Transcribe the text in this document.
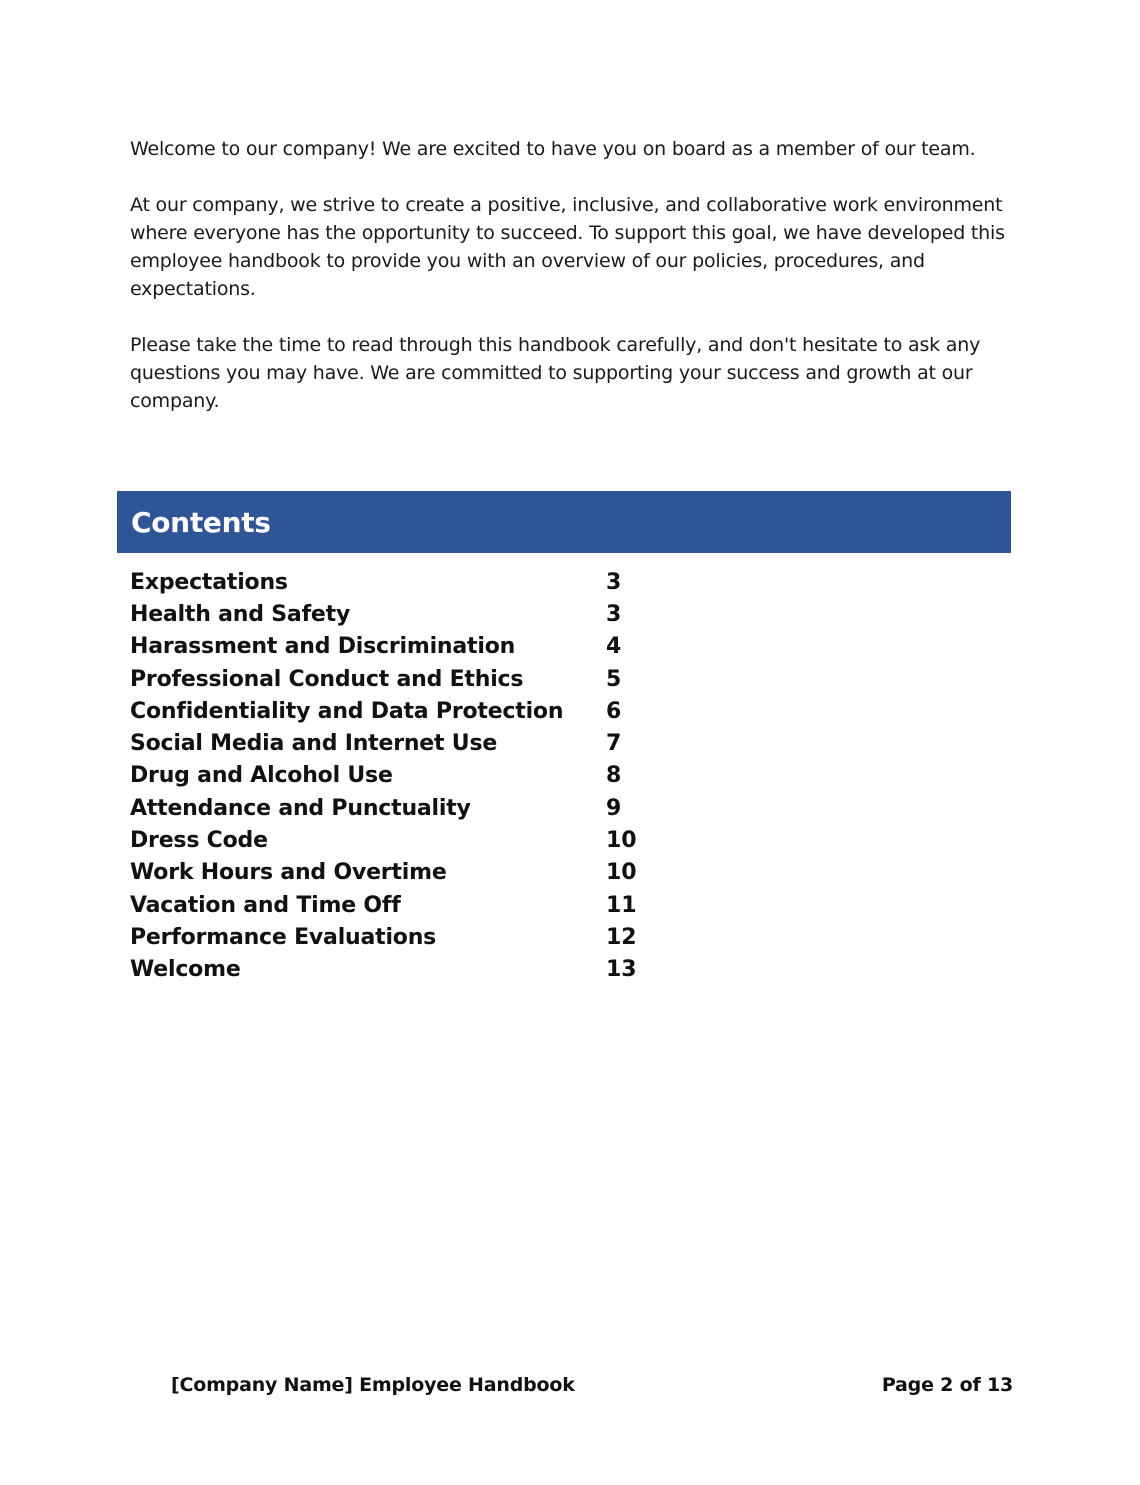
Welcome to our company! We are excited to have you on board as a member of our team.

At our company, we strive to create a positive, inclusive, and collaborative work environment where everyone has the opportunity to succeed. To support this goal, we have developed this employee handbook to provide you with an overview of our policies, procedures, and expectations.

Please take the time to read through this handbook carefully, and don't hesitate to ask any questions you may have. We are committed to supporting your success and growth at our company.

Contents
Expectations	3
Health and Safety	3
Harassment and Discrimination	4
Professional Conduct and Ethics	5
Confidentiality and Data Protection	6
Social Media and Internet Use	7
Drug and Alcohol Use	8
Attendance and Punctuality	9
Dress Code	10
Work Hours and Overtime	10
Vacation and Time Off	11
Performance Evaluations	12
Welcome	13
[Company Name] Employee Handbook	Page 2 of 13
